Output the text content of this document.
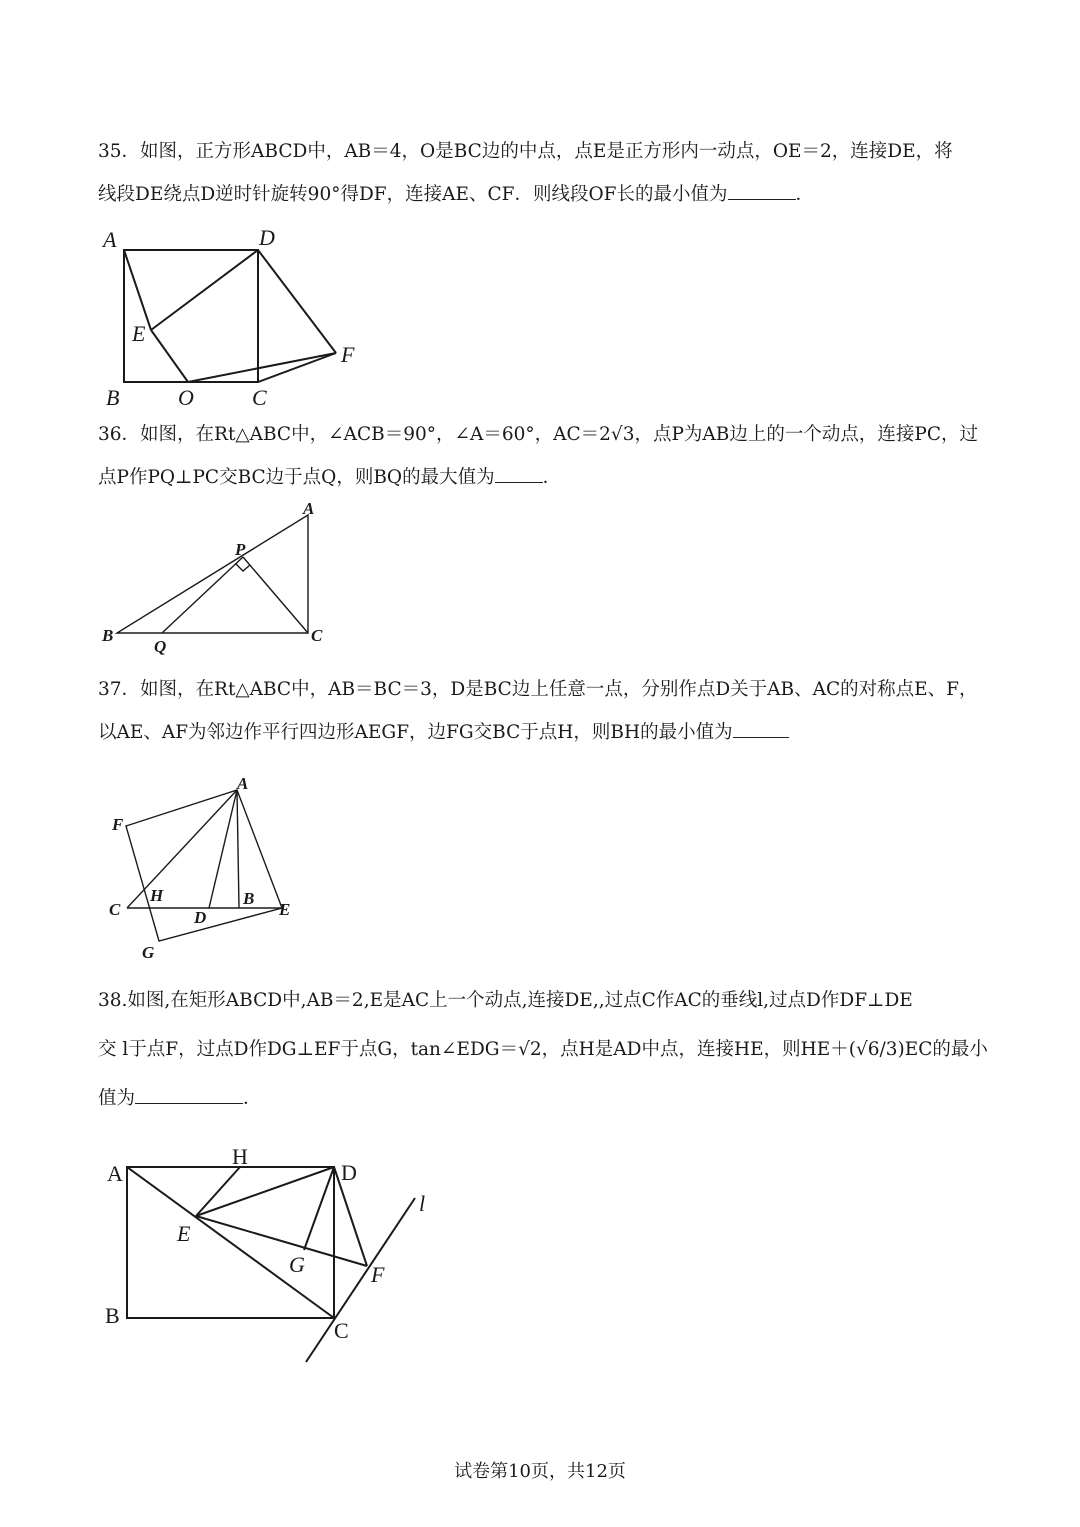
35．如图，正方形ABCD中，AB＝4，O是BC边的中点，点E是正方形内一动点，OE＝2，连接DE，将

线段DE绕点D逆时针旋转90°得DF，连接AE、CF．则线段OF长的最小值为	．

A	D
E
F
B	O	C

36．如图，在Rt△ABC中，∠ACB＝90°，∠A＝60°，AC＝2√3，点P为AB边上的一个动点，连接PC，过

点P作PQ⊥PC交BC边于点Q，则BQ的最大值为	．

A
P
B
Q
C

37．如图，在Rt△ABC中，AB＝BC＝3，D是BC边上任意一点，分别作点D关于AB、AC的对称点E、F，

以AE、AF为邻边作平行四边形AEGF，边FG交BC于点H，则BH的最小值为

A
F
C
H
D
B
E
G

38.如图,在矩形ABCD中,AB＝2,E是AC上一个动点,连接DE,,过点C作AC的垂线l,过点D作DF⊥DE

交 l于点F，过点D作DG⊥EF于点G，tan∠EDG＝√2，点H是AD中点，连接HE，则HE＋(√6/3)EC的最小

值为	．

A
H
D
l
E
G	F
B
C
试卷第10页，共12页
